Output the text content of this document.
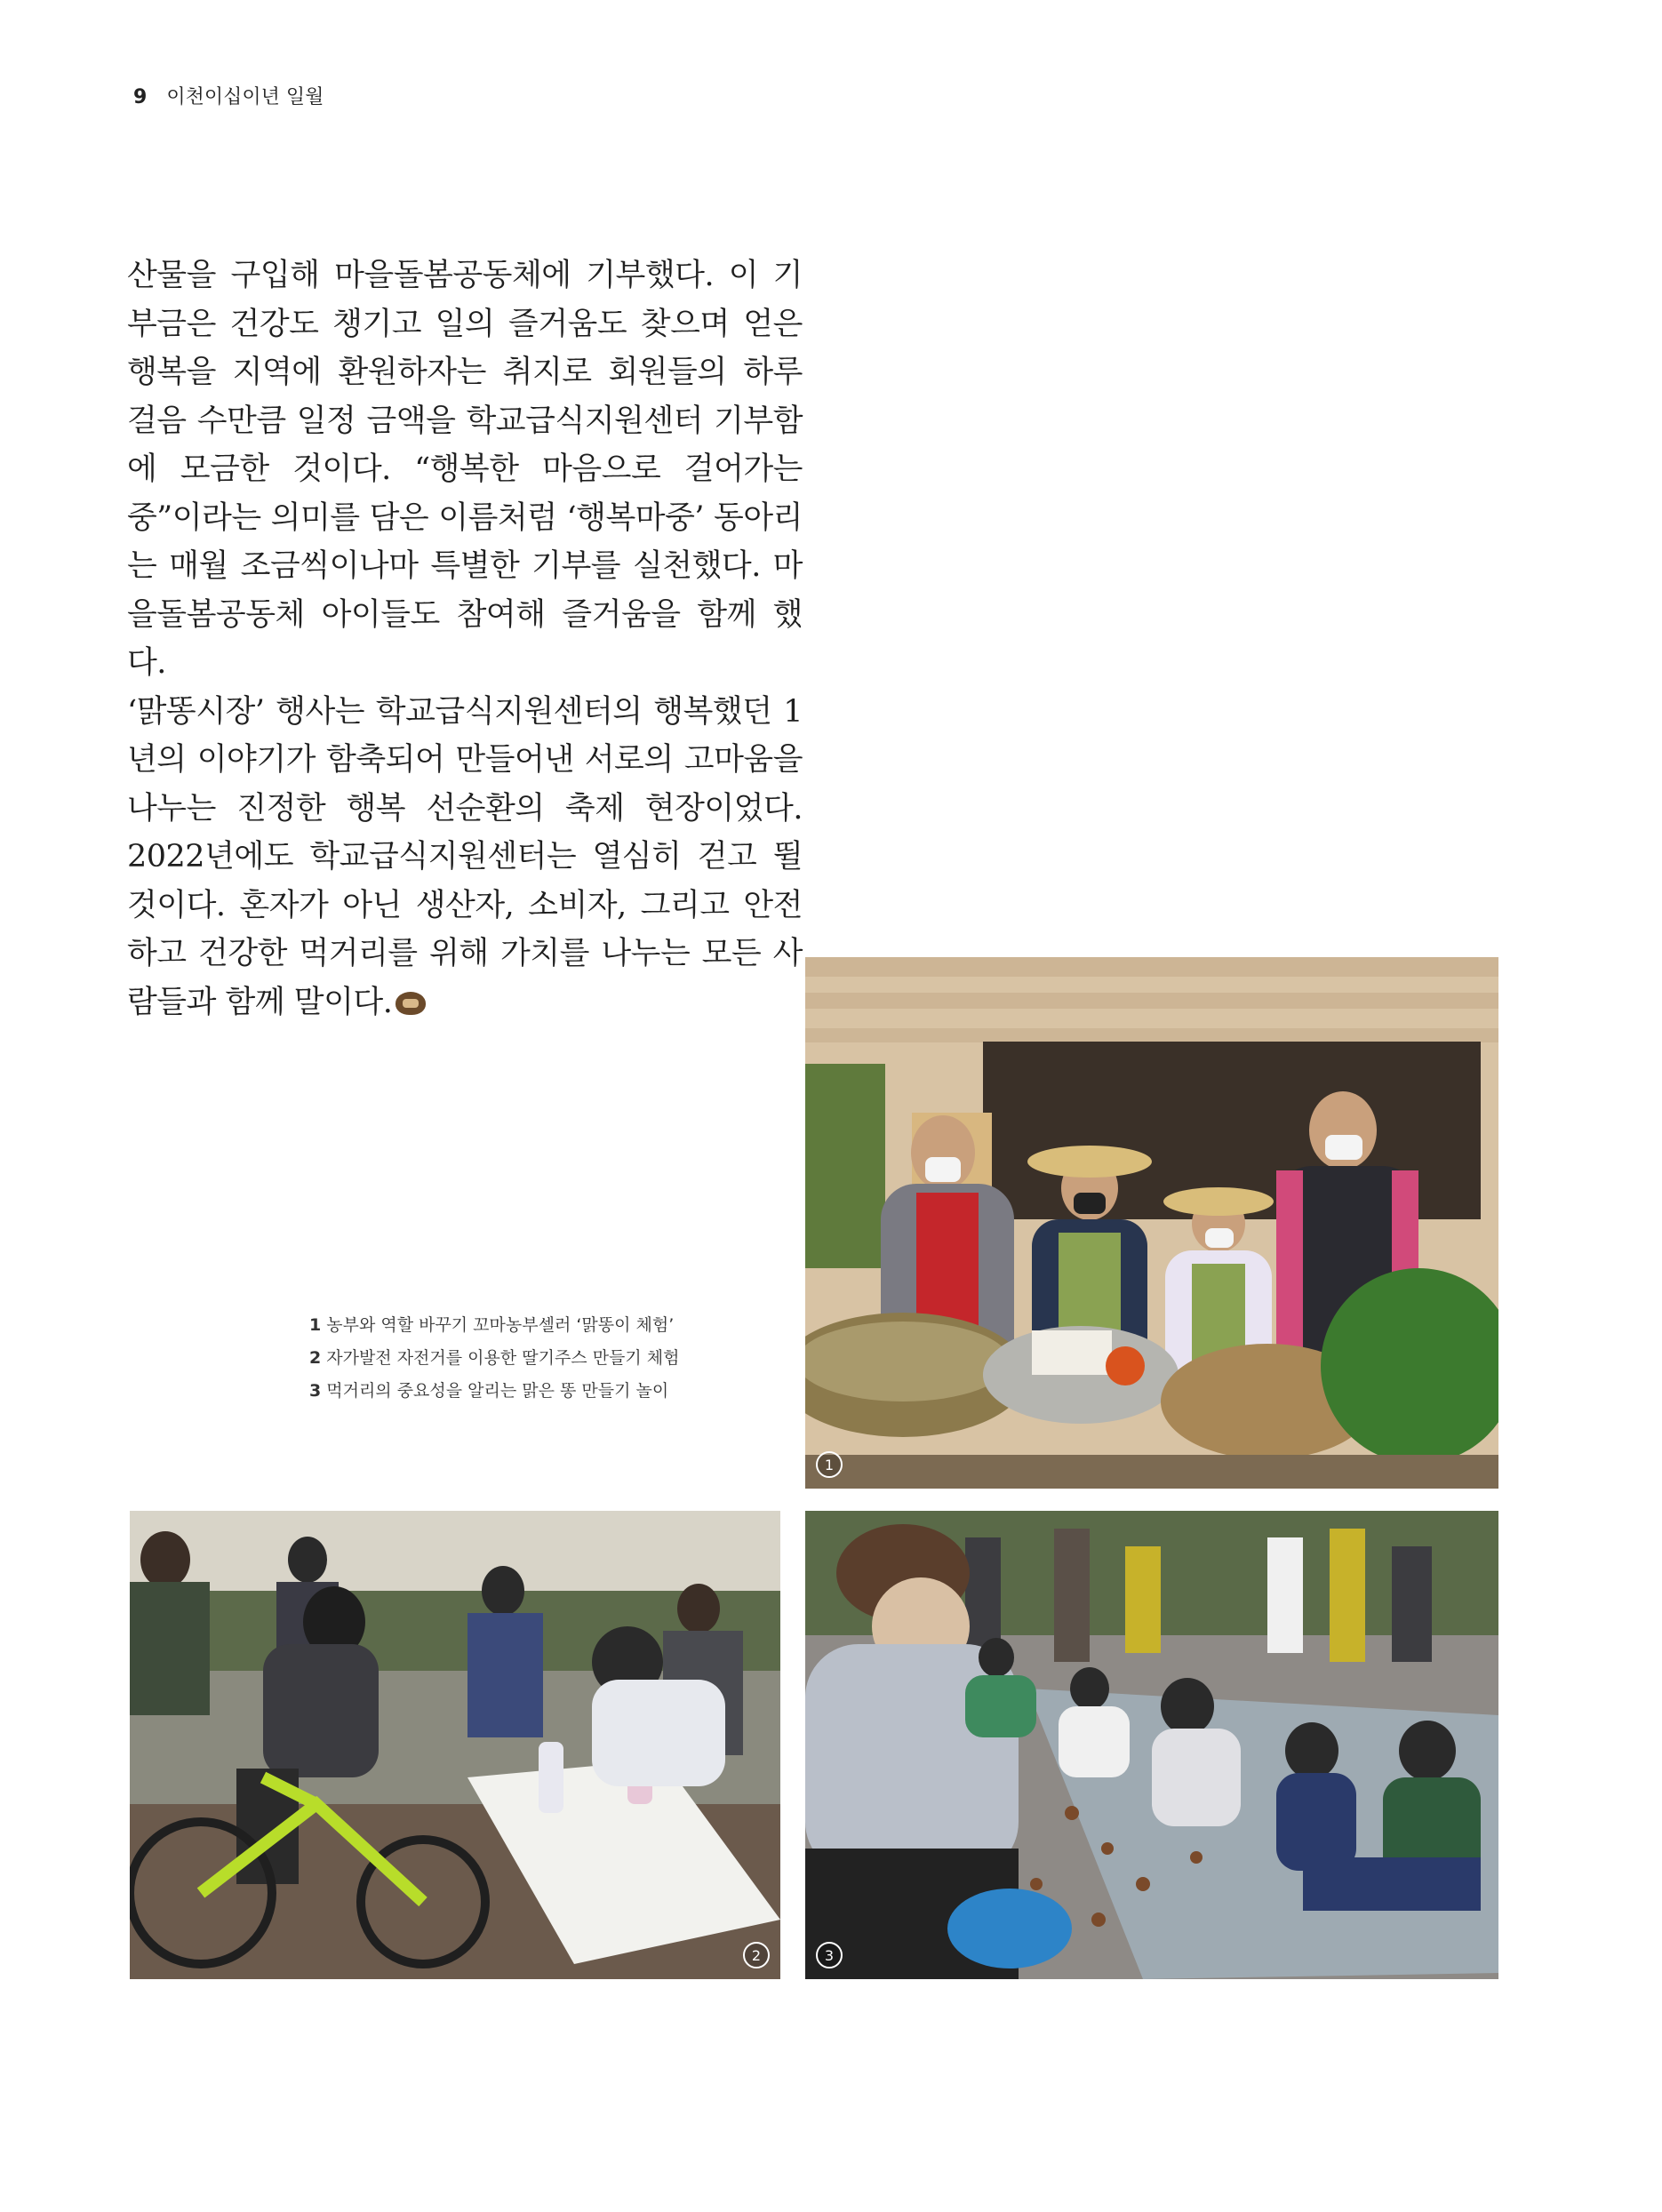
9 이천이십이년 일월

산물을 구입해 마을돌봄공동체에 기부했다. 이 기부금은 건강도 챙기고 일의 즐거움도 찾으며 얻은 행복을 지역에 환원하자는 취지로 회원들의 하루 걸음 수만큼 일정 금액을 학교급식지원센터 기부함에 모금한 것이다. “행복한 마음으로 걸어가는 중”이라는 의미를 담은 이름처럼 ‘행복마중’ 동아리는 매월 조금씩이나마 특별한 기부를 실천했다. 마을돌봄공동체 아이들도 참여해 즐거움을 함께 했다.

‘맑똥시장’ 행사는 학교급식지원센터의 행복했던 1년의 이야기가 함축되어 만들어낸 서로의 고마움을 나누는 진정한 행복 선순환의 축제 현장이었다. 2022년에도 학교급식지원센터는 열심히 걷고 뛸 것이다. 혼자가 아닌 생산자, 소비자, 그리고 안전하고 건강한 먹거리를 위해 가치를 나누는 모든 사람들과 함께 말이다.

1 농부와 역할 바꾸기 꼬마농부셀러 ‘맑똥이 체험’
2 자가발전 자전거를 이용한 딸기주스 만들기 체험
3 먹거리의 중요성을 알리는 맑은 똥 만들기 놀이
1
2	3
